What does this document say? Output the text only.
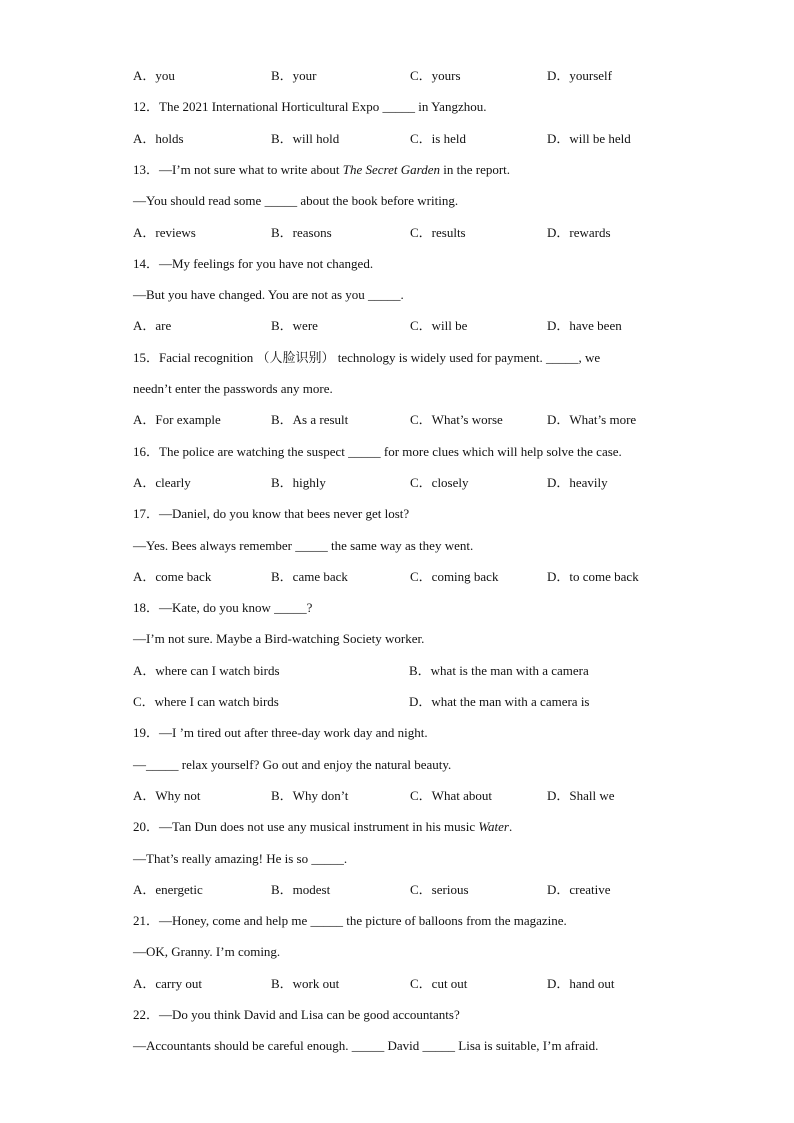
A．you	B．your	C．yours	D．yourself
12．The 2021 International Horticultural Expo _____ in Yangzhou.
A．holds	B．will hold	C．is held	D．will be held
13．—I’m not sure what to write about The Secret Garden in the report.
—You should read some _____ about the book before writing.
A．reviews	B．reasons	C．results	D．rewards
14．—My feelings for you have not changed.
—But you have changed. You are not as you _____.
A．are	B．were	C．will be	D．have been
15．Facial recognition （人脸识别） technology is widely used for payment. _____, we
needn’t enter the passwords any more.
A．For example	B．As a result	C．What’s worse	D．What’s more
16．The police are watching the suspect _____ for more clues which will help solve the case.
A．clearly	B．highly	C．closely	D．heavily
17．—Daniel, do you know that bees never get lost?
—Yes. Bees always remember _____ the same way as they went.
A．come back	B．came back	C．coming back	D．to come back
18．—Kate, do you know _____?
—I’m not sure. Maybe a Bird-watching Society worker.
A．where can I watch birds	B．what is the man with a camera
C．where I can watch birds	D．what the man with a camera is
19．—I ’m tired out after three-day work day and night.
—_____ relax yourself? Go out and enjoy the natural beauty.
A．Why not	B．Why don’t	C．What about	D．Shall we
20．—Tan Dun does not use any musical instrument in his music Water.
—That’s really amazing! He is so _____.
A．energetic	B．modest	C．serious	D．creative
21．—Honey, come and help me _____ the picture of balloons from the magazine.
—OK, Granny. I’m coming.
A．carry out	B．work out	C．cut out	D．hand out
22．—Do you think David and Lisa can be good accountants?
—Accountants should be careful enough. _____ David _____ Lisa is suitable, I’m afraid.
